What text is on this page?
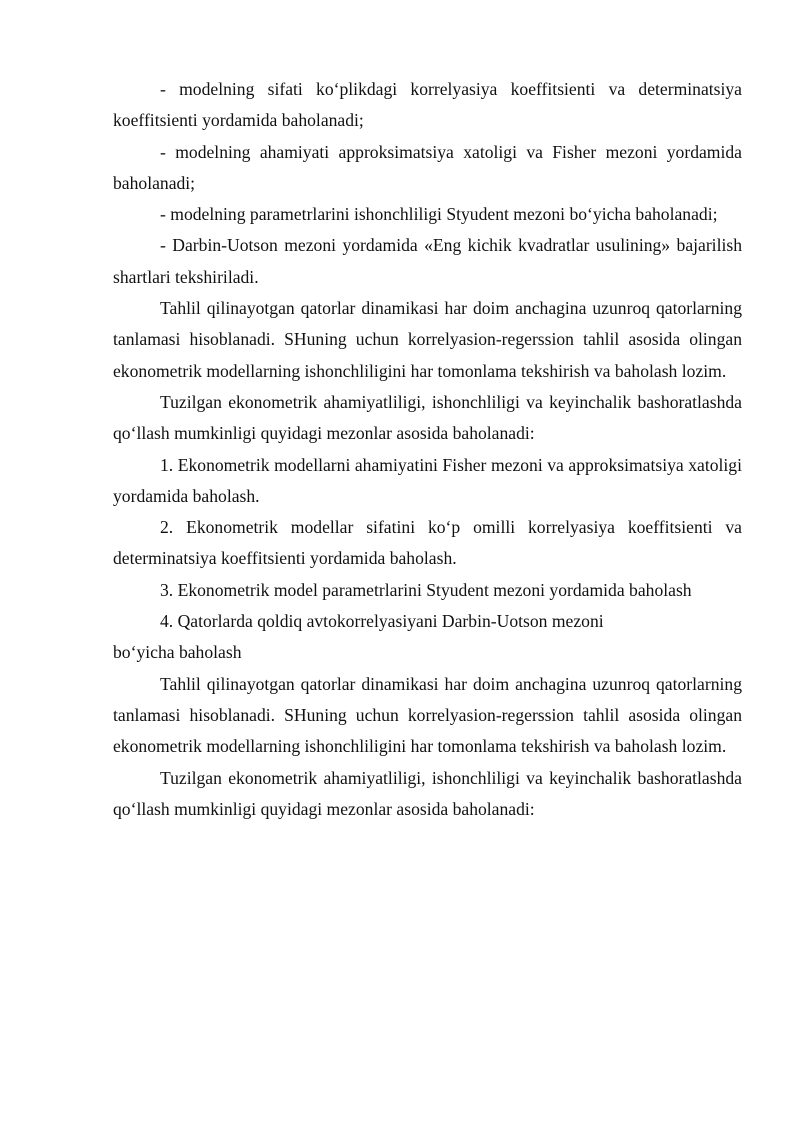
- modelning sifati ko‘plikdagi korrelyasiya koeffitsienti va determinatsiya koeffitsienti yordamida baholanadi;

- modelning ahamiyati approksimatsiya xatoligi va Fisher mezoni yordamida baholanadi;

- modelning parametrlarini ishonchliligi Styudent mezoni bo‘yicha baholanadi;

- Darbin-Uotson mezoni yordamida «Eng kichik kvadratlar usulining» bajarilish shartlari tekshiriladi.

Tahlil qilinayotgan qatorlar dinamikasi har doim anchagina uzunroq qatorlarning tanlamasi hisoblanadi. SHuning uchun korrelyasion-regerssion tahlil asosida olingan ekonometrik modellarning ishonchliligini har tomonlama tekshirish va baholash lozim.

Tuzilgan ekonometrik ahamiyatliligi, ishonchliligi va keyinchalik bashoratlashda qo‘llash mumkinligi quyidagi mezonlar asosida baholanadi:

1. Ekonometrik modellarni ahamiyatini Fisher mezoni va approksimatsiya xatoligi yordamida baholash.

2. Ekonometrik modellar sifatini ko‘p omilli korrelyasiya koeffitsienti va determinatsiya koeffitsienti yordamida baholash.

3. Ekonometrik model parametrlarini Styudent mezoni yordamida baholash

4. Qatorlarda qoldiq avtokorrelyasiyani Darbin-Uotson mezoni
bo‘yicha baholash

Tahlil qilinayotgan qatorlar dinamikasi har doim anchagina uzunroq qatorlarning tanlamasi hisoblanadi. SHuning uchun korrelyasion-regerssion tahlil asosida olingan ekonometrik modellarning ishonchliligini har tomonlama tekshirish va baholash lozim.

Tuzilgan ekonometrik ahamiyatliligi, ishonchliligi va keyinchalik bashoratlashda qo‘llash mumkinligi quyidagi mezonlar asosida baholanadi:
